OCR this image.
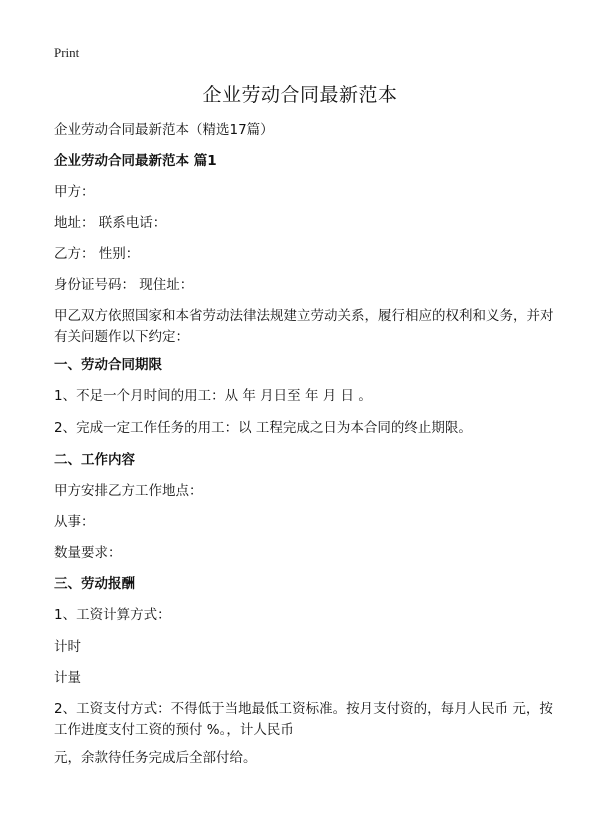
Print
企业劳动合同最新范本

企业劳动合同最新范本（精选17篇）

企业劳动合同最新范本 篇1

甲方：

地址： 联系电话：

乙方： 性别：

身份证号码： 现住址：

甲乙双方依照国家和本省劳动法律法规建立劳动关系，履行相应的权利和义务，并对有关问题作以下约定：

一、劳动合同期限

1、不足一个月时间的用工：从 年 月日至 年 月 日 。

2、完成一定工作任务的用工：以 工程完成之日为本合同的终止期限。

二、工作内容

甲方安排乙方工作地点：

从事：

数量要求：

三、劳动报酬

1、工资计算方式：

计时

计量

2、工资支付方式：不得低于当地最低工资标准。按月支付资的，每月人民币 元，按工作进度支付工资的预付 %。，计人民币

元，余款待任务完成后全部付给。
